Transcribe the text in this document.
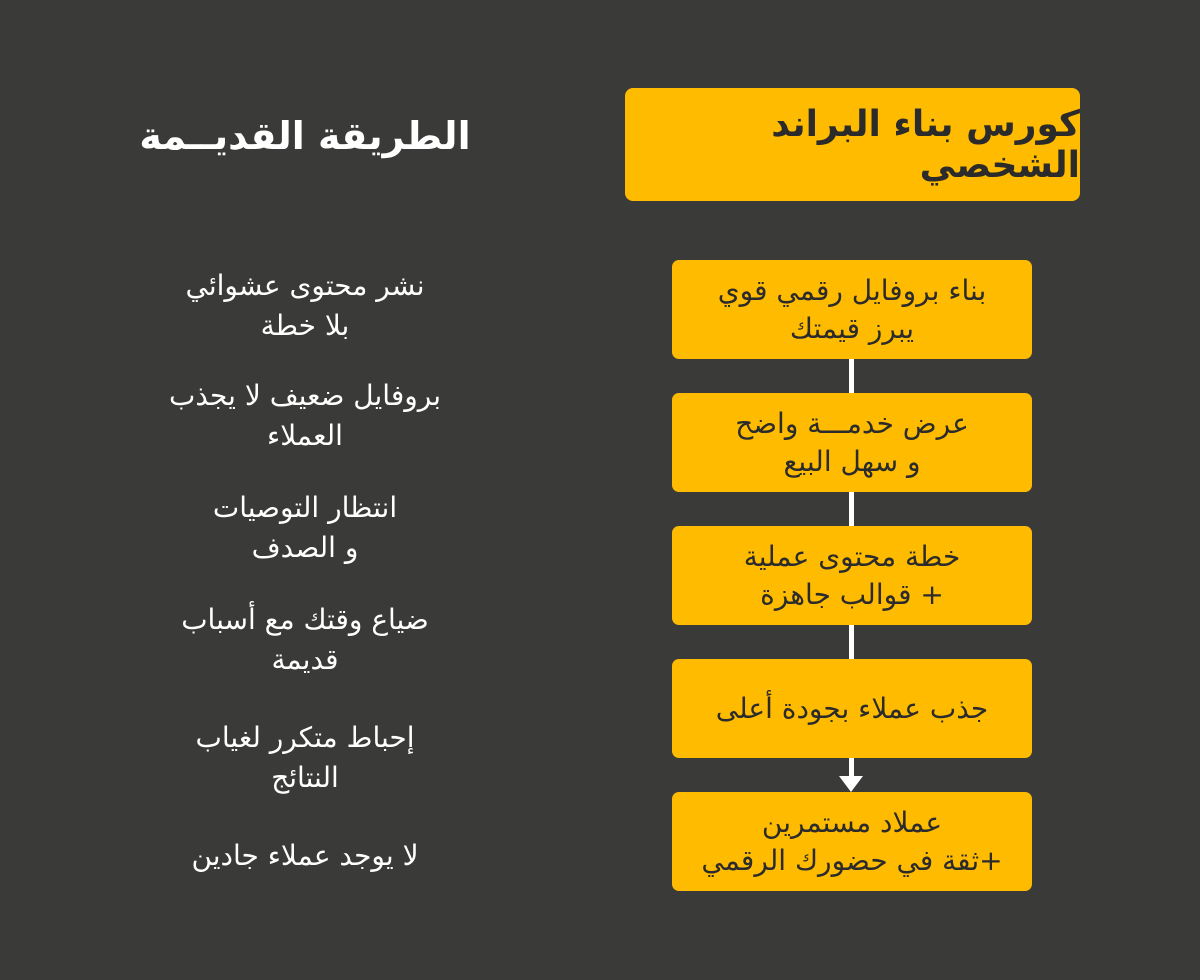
الطريقة القديــمة
نشر محتوى عشوائي
بلا خطة
بروفايل ضعيف لا يجذب
العملاء
انتظار التوصيات
و الصدف
ضياع وقتك مع أسباب
قديمة
إحباط متكرر لغياب
النتائج
لا يوجد عملاء جادين
كورس بناء البراند الشخصي
بناء بروفايل رقمي قوي
يبرز قيمتك
عرض خدمـــة واضح
و سهل البيع
خطة محتوى عملية
+ قوالب جاهزة
جذب عملاء بجودة أعلى
عملاد مستمرين
+ثقة في حضورك الرقمي
